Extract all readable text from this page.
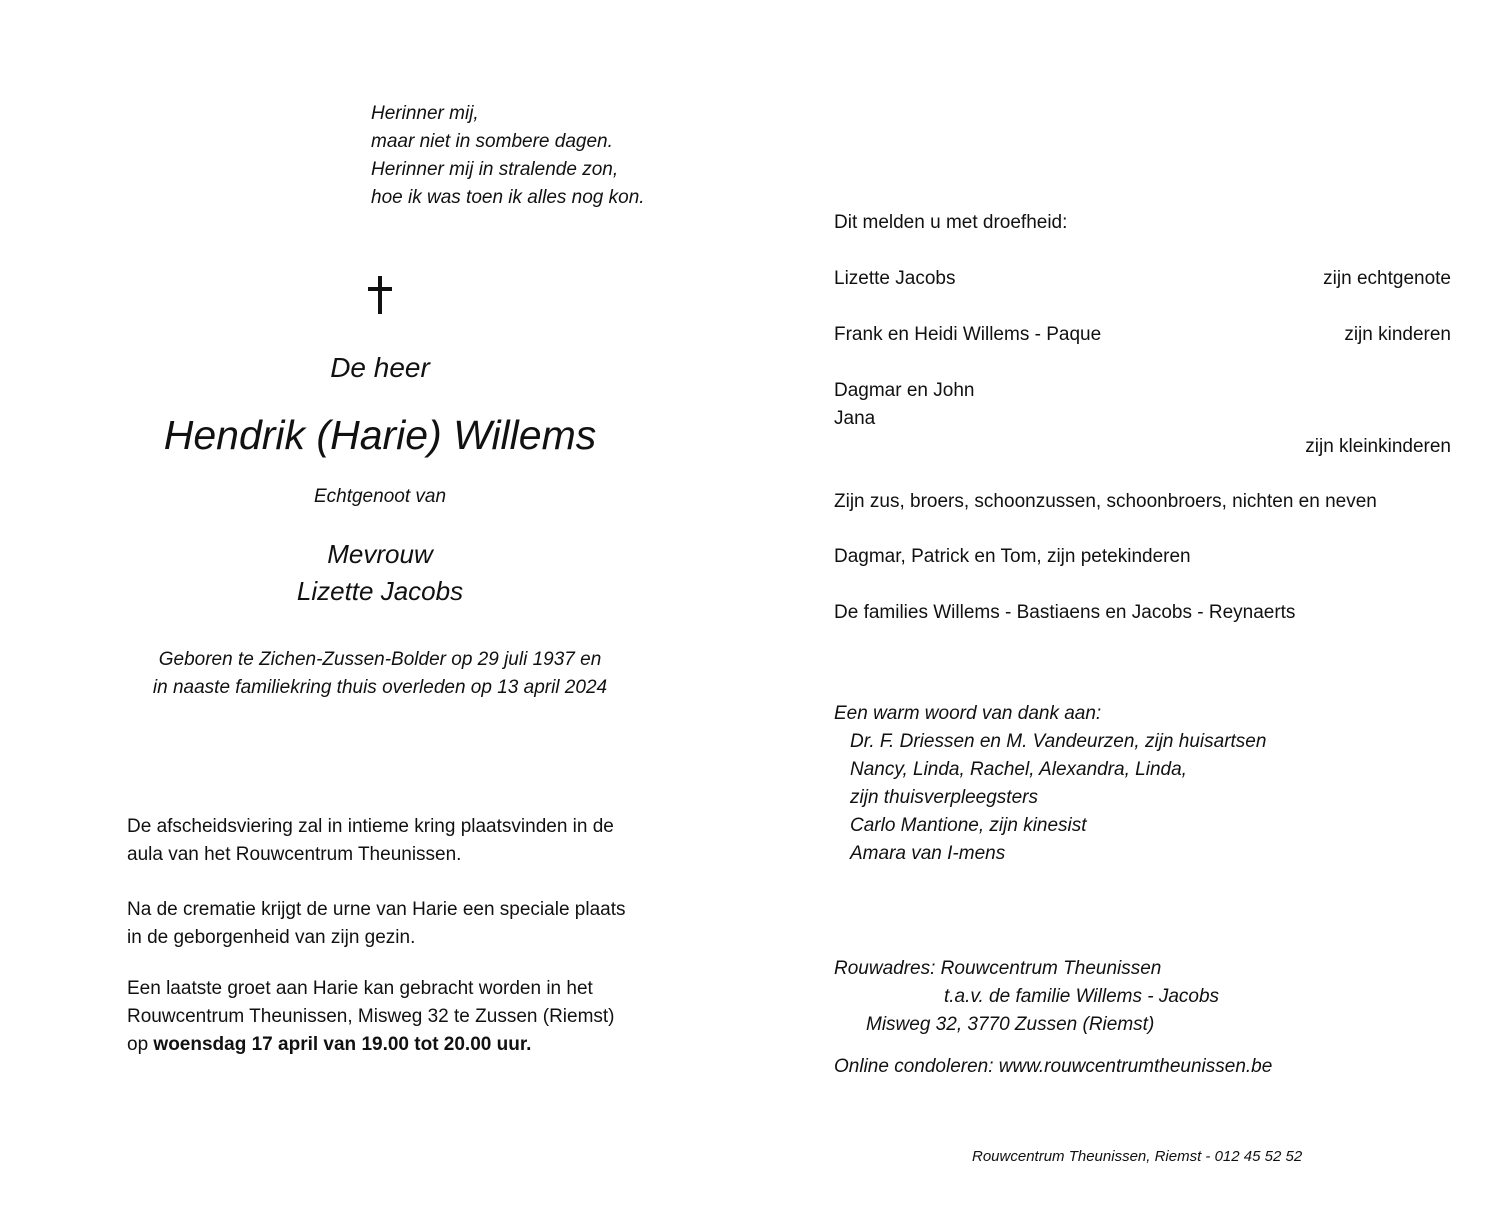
Herinner mij,
maar niet in sombere dagen.
Herinner mij in stralende zon,
hoe ik was toen ik alles nog kon.
De heer
Hendrik (Harie) Willems
Echtgenoot van
Mevrouw
Lizette Jacobs
Geboren te Zichen-Zussen-Bolder op 29 juli 1937 en
in naaste familiekring thuis overleden op 13 april 2024
De afscheidsviering zal in intieme kring plaatsvinden in de
aula van het Rouwcentrum Theunissen.
Na de crematie krijgt de urne van Harie een speciale plaats
in de geborgenheid van zijn gezin.
Een laatste groet aan Harie kan gebracht worden in het
Rouwcentrum Theunissen, Misweg 32 te Zussen (Riemst)
op woensdag 17 april van 19.00 tot 20.00 uur.
Dit melden u met droefheid:
Lizette Jacobs	zijn echtgenote
Frank en Heidi Willems - Paque	zijn kinderen
Dagmar en John
Jana
zijn kleinkinderen
Zijn zus, broers, schoonzussen, schoonbroers, nichten en neven
Dagmar, Patrick en Tom, zijn petekinderen
De families Willems - Bastiaens en Jacobs - Reynaerts
Een warm woord van dank aan:
Dr. F. Driessen en M. Vandeurzen, zijn huisartsen
Nancy, Linda, Rachel, Alexandra, Linda,
zijn thuisverpleegsters
Carlo Mantione, zijn kinesist
Amara van I-mens
Rouwadres: Rouwcentrum Theunissen
t.a.v. de familie Willems - Jacobs
Misweg 32, 3770 Zussen (Riemst)
Online condoleren: www.rouwcentrumtheunissen.be
Rouwcentrum Theunissen, Riemst - 012 45 52 52
